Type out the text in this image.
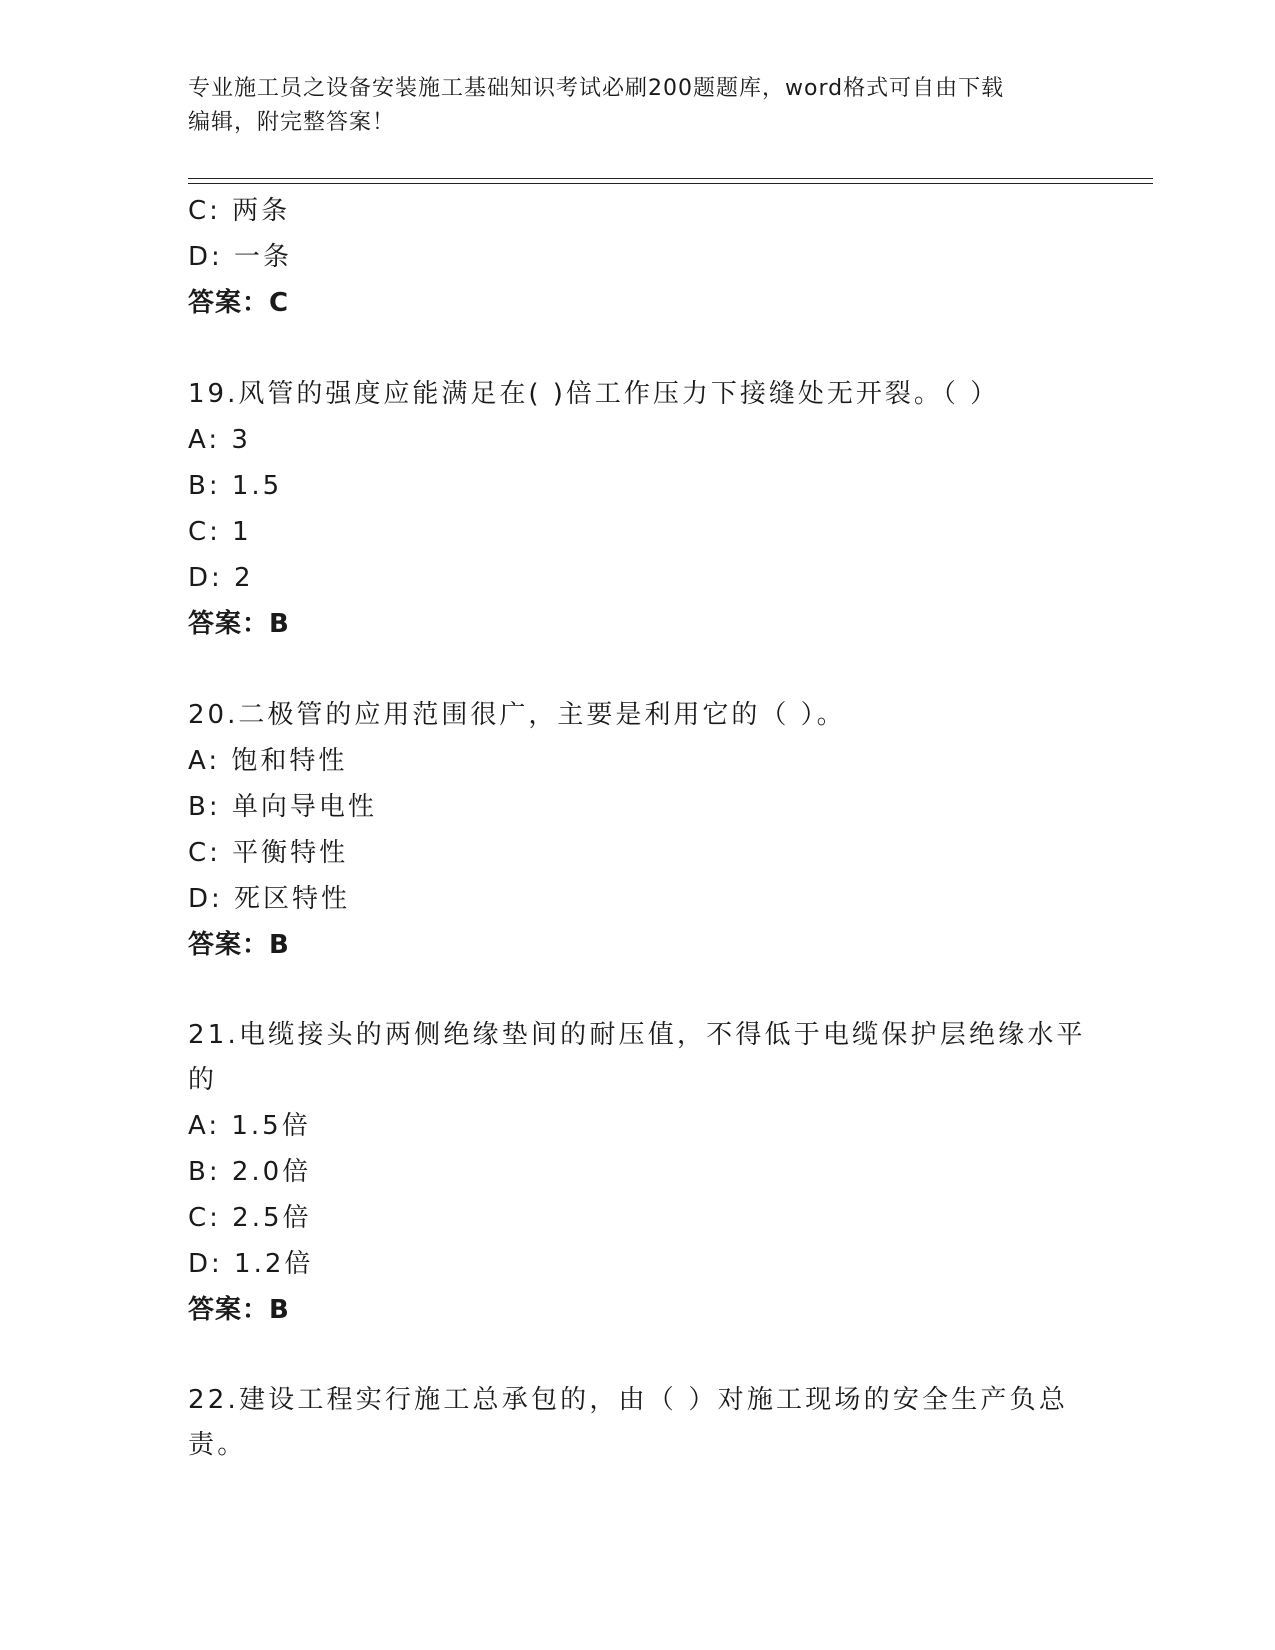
专业施工员之设备安装施工基础知识考试必刷200题题库，word格式可自由下载
编辑，附完整答案！
C: 两条
D: 一条
答案：C
19.风管的强度应能满足在( )倍工作压力下接缝处无开裂。（ ）
A: 3
B: 1.5
C: 1
D: 2
答案：B
20.二极管的应用范围很广，主要是利用它的（ ）。
A: 饱和特性
B: 单向导电性
C: 平衡特性
D: 死区特性
答案：B
21.电缆接头的两侧绝缘垫间的耐压值，不得低于电缆保护层绝缘水平
的
A: 1.5倍
B: 2.0倍
C: 2.5倍
D: 1.2倍
答案：B
22.建设工程实行施工总承包的，由（ ）对施工现场的安全生产负总
责。
